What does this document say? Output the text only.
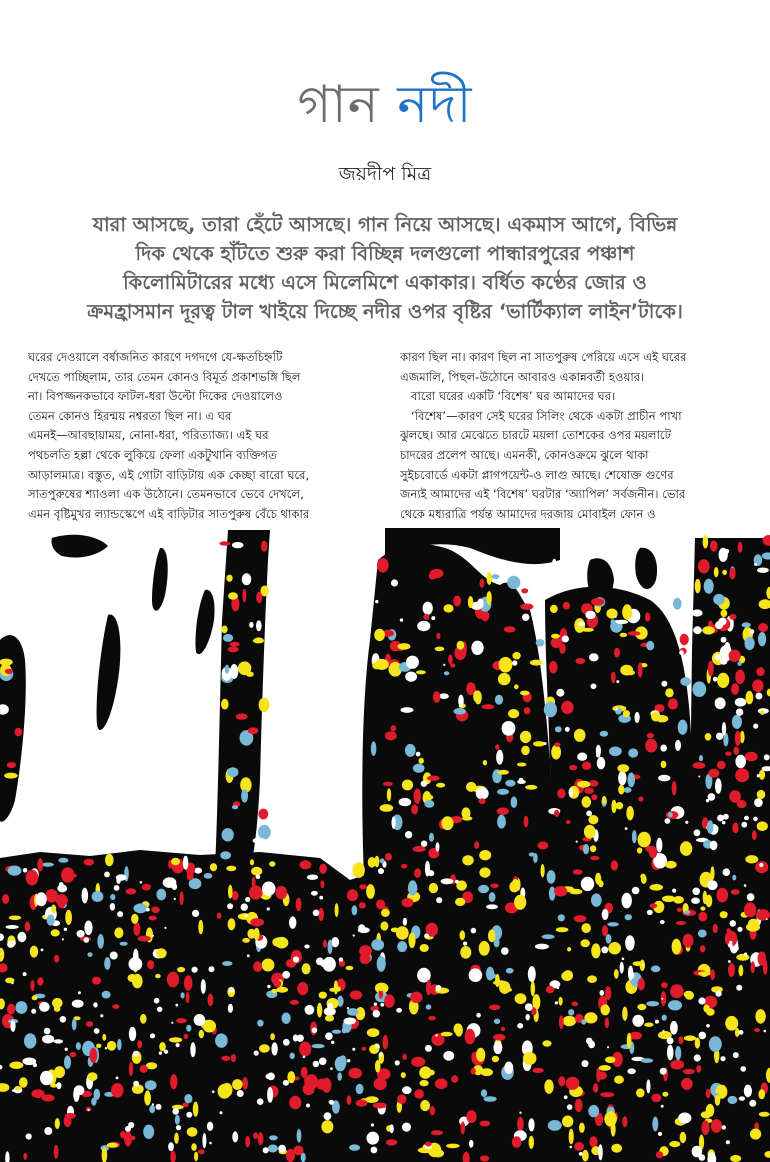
গান নদী
জয়দীপ মিত্র
যারা আসছে, তারা হেঁটে আসছে। গান নিয়ে আসছে। একমাস আগে, বিভিন্ন
দিক থেকে হাঁটতে শুরু করা বিচ্ছিন্ন দলগুলো পান্ধারপুরের পঞ্চাশ
কিলোমিটারের মধ্যে এসে মিলেমিশে একাকার। বর্ধিত কণ্ঠের জোর ও
ক্রমহ্রাসমান দূরত্ব টাল খাইয়ে দিচ্ছে নদীর ওপর বৃষ্টির ‘ভার্টিক্যাল লাইন’টাকে।
ঘরের দেওয়ালে বর্ষাজনিত কারণে দগদগে যে-ক্ষতচিহ্নটি
দেখতে পাচ্ছিলাম, তার তেমন কোনও বিমূর্ত প্রকাশভঙ্গি ছিল
না। বিপজ্জনকভাবে ফাটল-ধরা উল্টো দিকের দেওয়ালেও
তেমন কোনও হিরন্ময় নশ্বরতা ছিল না। এ ঘর
এমনই—আবছায়াময়, নোনা-ধরা, পরিত্যাজ্য। এই ঘর
পথচলতি হল্লা থেকে লুকিয়ে ফেলা একটুখানি ব্যক্তিগত
আড়ালমাত্র। বস্তুত, এই গোটা বাড়িটায় এক কেচ্ছা বারো ঘরে,
সাতপুরুষের শ্যাওলা এক উঠোনে। তেমনভাবে ভেবে দেখলে,
এমন বৃষ্টিমুখর ল্যান্ডস্কেপে এই বাড়িটার সাতপুরুষ বেঁচে থাকার
কারণ ছিল না। কারণ ছিল না সাতপুরুষ পেরিয়ে এসে এই ঘরের
এজমালি, পিছল-উঠোনে আবারও একান্নবর্তী হওয়ার।
বারো ঘরের একটি ‘বিশেষ’ ঘর আমাদের ঘর।
‘বিশেষ’—কারণ সেই ঘরের সিলিং থেকে একটা প্রাচীন পাখা
ঝুলছে। আর মেঝেতে চারটে ময়লা তোশকের ওপর ময়লাটে
চাদরের প্রলেপ আছে। এমনকী, কোনওক্রমে ঝুলে থাকা
সুইচবোর্ডে একটা প্লাগপয়েন্ট-ও লাগু আছে। শেষোক্ত গুণের
জন্যই আমাদের এই ‘বিশেষ’ ঘরটার ‘অ্যাপিল’ সর্বজনীন। ভোর
থেকে মধ্যরাত্রি পর্যন্ত আমাদের দরজায় মোবাইল ফোন ও
